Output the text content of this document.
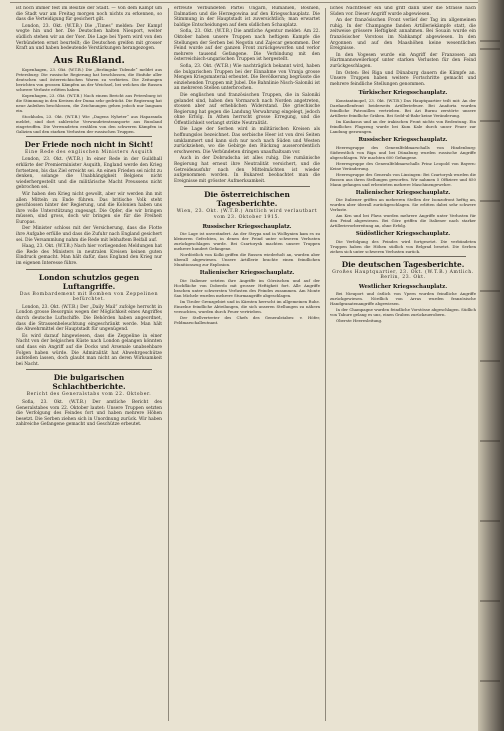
ist noch immer fest im Besitze der Stadt. — Von dem Kampf um die Stadt war am Freitag morgen noch nichts zu erkennen, so dass die Verteidigung für gesichert gilt.

London, 23. Okt. (W.T.B.) Die „Times“ melden: Der Kampf wogte hin und her. Die Deutschen halten Nieuport, weiter südlich stehen wir an der Yser. Die Lage bei Ypern wird von den Verbündeten ernst beurteilt; die Deutschen greifen mit grosser Kraft an und haben bedeutende Verstärkungen herangezogen.

Aus Rußland.

Kopenhagen, 23. Okt. (W.T.B.) Die „Berlingske Tidende“ meldet aus Petersburg: Die russische Regierung hat beschlossen, die Einfuhr aller deutschen und österreichischen Waren zu verbieten. Die Zeitungen berichten von grossen Kämpfen an der Weichsel, bei welchen die Russen schwere Verluste erlitten haben.

Kopenhagen, 23. Okt. (W.T.B.) Nach einem Bericht aus Petersburg ist die Stimmung in den Kreisen der Duma sehr gedrückt. Die Regierung hat neue Anleihen beschlossen, die Zeichnungen gehen jedoch nur langsam ein.

Stockholm, 23. Okt. (W.T.B.) Wie „Dagens Nyheter“ aus Haparanda meldet, sind dort zahlreiche Verwundetentransporte aus Russland eingetroffen. Die Verwundeten erzählen von den schweren Kämpfen in Galizien und den starken Verlusten der russischen Truppen.

Der Friede noch nicht in Sicht!
Eine Rede des englischen Ministers Asquith

London, 23. Okt. (W.T.B.) In einer Rede in der Guildhall erklärte der Premierminister Asquith, England werde den Krieg fortsetzen, bis das Ziel erreicht sei. An einen Frieden sei nicht zu denken, solange die Unabhängigkeit Belgiens nicht wiederhergestellt und die militärische Macht Preussens nicht gebrochen sei.

Wir haben den Krieg nicht gewollt, aber wir werden ihn mit allen Mitteln zu Ende führen. Das britische Volk steht geschlossen hinter der Regierung, und die Kolonien haben uns ihre volle Unterstützung zugesagt. Die Opfer, die wir bringen müssen, sind gross, doch wir bringen sie für die Freiheit Europas.

Der Minister schloss mit der Versicherung, dass die Flotte ihre Aufgabe erfülle und dass die Zufuhr nach England gesichert sei. Die Versammlung nahm die Rede mit lebhaftem Beifall auf.

Haag, 23. Okt. (W.T.B.) Nach hier vorliegenden Meldungen hat die Rede des Ministers in neutralen Kreisen keinen guten Eindruck gemacht. Man hält dafür, dass England den Krieg nur im eigenen Interesse führe.

London schutzlos gegen Luftangriffe.
Das Bombardement mit Bomben von Zeppelinen befürchtet.

London, 23. Okt. (W.T.B.) Der „Daily Mail“ zufolge herrscht in London grosse Besorgnis wegen der Möglichkeit eines Angriffes durch deutsche Luftschiffe. Die Behörden haben angeordnet, dass die Strassenbeleuchtung eingeschränkt werde. Man hält die Abwehrmittel der Hauptstadt für ungenügend.

Es wird darauf hingewiesen, dass die Zeppeline in einer Nacht von der belgischen Küste nach London gelangen könnten und dass ein Angriff auf die Docks und Arsenale unabsehbare Folgen haben würde. Die Admiralität hat Abwehrgeschütze aufstellen lassen, doch glaubt man nicht an deren Wirksamkeit bei Nacht.

Die bulgarischen Schlachtberichte.
Bericht des Generalstabs vom 22. Oktober.

Sofia, 23. Okt. (W.T.B.) Der amtliche Bericht des Generalstabes vom 22. Oktober lautet: Unsere Truppen setzten die Verfolgung des Feindes fort und haben mehrere Höhen besetzt. Die Serben ziehen sich in Unordnung zurück. Wir haben zahlreiche Gefangene gemacht und Geschütze erbeutet.

erfreute Verbündeten Partei Ungarn, Rumänien, Bosnien, Dalmatien und die Herzegowina auf den Kriegsschauplatz. Die Stimmung in der Hauptstadt ist zuversichtlich; man erwartet baldige Entscheidungen auf dem südlichen Schauplatz.

Sofia, 23. Okt. (W.T.B.) Die amtliche Agentur meldet: Am 22. Oktober haben unsere Truppen nach heftigem Kampfe die Stellungen der Serben bei Negotin und Zajecar genommen. Der Feind wurde auf der ganzen Front zurückgeworfen und verlor mehrere tausend Gefangene. Die Verbindung mit den österreichisch-ungarischen Truppen ist hergestellt.

Sofia, 23. Okt. (W.T.B.) Wie nachträglich bekannt wird, haben die bulgarischen Truppen bei der Einnahme von Vranja grosse Mengen Kriegsmaterial erbeutet. Die Bevölkerung begrüsste die einziehenden Truppen mit Jubel. Die Bahnlinie Nisch–Saloniki ist an mehreren Stellen unterbrochen.

Die englischen und französischen Truppen, die in Saloniki gelandet sind, haben den Vormarsch nach Norden angetreten, stossen aber auf erheblichen Widerstand. Die griechische Regierung hat gegen die Landung Verwahrung eingelegt, jedoch ohne Erfolg. In Athen herrscht grosse Erregung, und die Öffentlichkeit verlangt strikte Neutralität.

Die Lage der Serben wird in militärischen Kreisen als hoffnungslos bezeichnet. Das serbische Heer ist von drei Seiten umklammert und kann sich nur noch nach Süden und Westen zurückziehen, wo die Gebirge den Rückzug ausserordentlich erschweren. Die Verbündeten dringen unaufhaltsam vor.

Auch in der Dobrudscha ist alles ruhig. Die rumänische Regierung hat erneut ihre Neutralität versichert, und die Getreideausfuhr nach den Mittelmächten ist wieder aufgenommen worden. In Bukarest beobachtet man die Ereignisse mit grösster Aufmerksamkeit.

Die österreichischen Tagesberichte.
Wien, 23. Okt. (W.T.B.) Amtlich wird verlautbart vom 23. Oktober 1915.
Russischer Kriegsschauplatz.

Die Lage ist unverändert. An der Strypa und in Wolhynien kam es zu kleineren Gefechten, in denen der Feind unter schweren Verlusten zurückgeschlagen wurde. Bei Czartorysk machten unsere Truppen mehrere hundert Gefangene.

Nordöstlich von Kolki griffen die Russen wiederholt an, wurden aber überall abgewiesen. Unsere Artillerie brachte einen feindlichen Munitionszug zur Explosion.

Italienischer Kriegsschauplatz.

Die Italiener setzten ihre Angriffe im Görzischen und auf der Hochfläche von Doberdo mit grosser Heftigkeit fort. Alle Angriffe brachen unter schwersten Verlusten des Feindes zusammen. Am Monte San Michele wurden mehrere Sturmangriffe abgeschlagen.

Im Tiroler Grenzgebiet und in Kärnten herrscht im allgemeinen Ruhe. Einzelne feindliche Abteilungen, die sich unseren Stellungen zu nähern versuchten, wurden durch Feuer vertrieben.

Der Stellvertreter des Chefs des Generalstabes: v. Höfer, Feldmarschalleutnant.

liches Nachtfeuer ein und griff dann über die Strasse nach Süden vor. Dieser Angriff wurde abgewiesen.

An der französischen Front verlief der Tag im allgemeinen ruhig. In der Champagne fanden Artilleriekämpfe statt, die zeitweise grössere Heftigkeit annahmen. Bei Souain wurde ein französischer Vorstoss im Nahkampf abgewiesen. In den Argonnen und auf den Maashöhen keine wesentlichen Ereignisse.

In den Vogesen wurde ein Angriff der Franzosen am Hartmannsweilerkopf unter starken Verlusten für den Feind zurückgeschlagen.

Im Osten: Bei Riga und Dünaburg dauern die Kämpfe an. Unsere Truppen haben weitere Fortschritte gemacht und mehrere feindliche Stellungen genommen.

Türkischer Kriegsschauplatz.

Konstantinopel, 23. Okt. (W.T.B.) Das Hauptquartier teilt mit: An der Dardanellenfront beiderseits Artilleriefeuer. Bei Anaforta wurden feindliche Patrouillen vertrieben. Bei Ari Burnu zerstörte unsere Artillerie feindliche Gräben. Bei Sedd-ul-Bahr keine Veränderung.

Im Kaukasus und an der irakischen Front nichts von Bedeutung. Ein feindliches Flugzeug wurde bei Kum Kale durch unser Feuer zur Landung gezwungen.

Russischer Kriegsschauplatz.

Heeresgruppe des Generalfeldmarschalls von Hindenburg: Südwestlich von Riga und bei Dünaburg wurden russische Angriffe abgeschlagen. Wir machten 600 Gefangene.

Heeresgruppe des Generalfeldmarschalls Prinz Leopold von Bayern: Keine Veränderung.

Heeresgruppe des Generals von Linsingen: Bei Czartorysk wurden die Russen aus ihren Stellungen geworfen. Wir nahmen 5 Offiziere und 850 Mann gefangen und erbeuteten mehrere Maschinengewehre.

Italienischer Kriegsschauplatz.

Die Italiener griffen an mehreren Stellen der Isonzofront heftig an, wurden aber überall zurückgeschlagen. Sie erlitten dabei sehr schwere Verluste.

Am Krn und bei Plava wurden mehrere Angriffe unter Verlusten für den Feind abgewiesen. Bei Görz griffen die Italiener nach starker Artillerievorbereitung an, ohne Erfolg.

Südöstlicher Kriegsschauplatz.

Die Verfolgung des Feindes wird fortgesetzt. Die verbündeten Truppen haben die Höhen südlich von Belgrad besetzt. Die Serben ziehen sich unter schweren Verlusten zurück.

Die deutschen Tagesberichte.
Großes Hauptquartier, 23. Okt. (W.T.B.) Amtlich. Berlin, 23. Okt.
Westlicher Kriegsschauplatz.

Bei Nieuport und östlich von Ypern wurden feindliche Angriffe zurückgewiesen. Nördlich von Arras wurden französische Handgranatenangriffe abgewiesen.

In der Champagne wurden feindliche Vorstösse abgeschlagen. Südlich von Tahure gelang es uns, einen Graben zurückzuerobern.

Oberste Heeresleitung.
